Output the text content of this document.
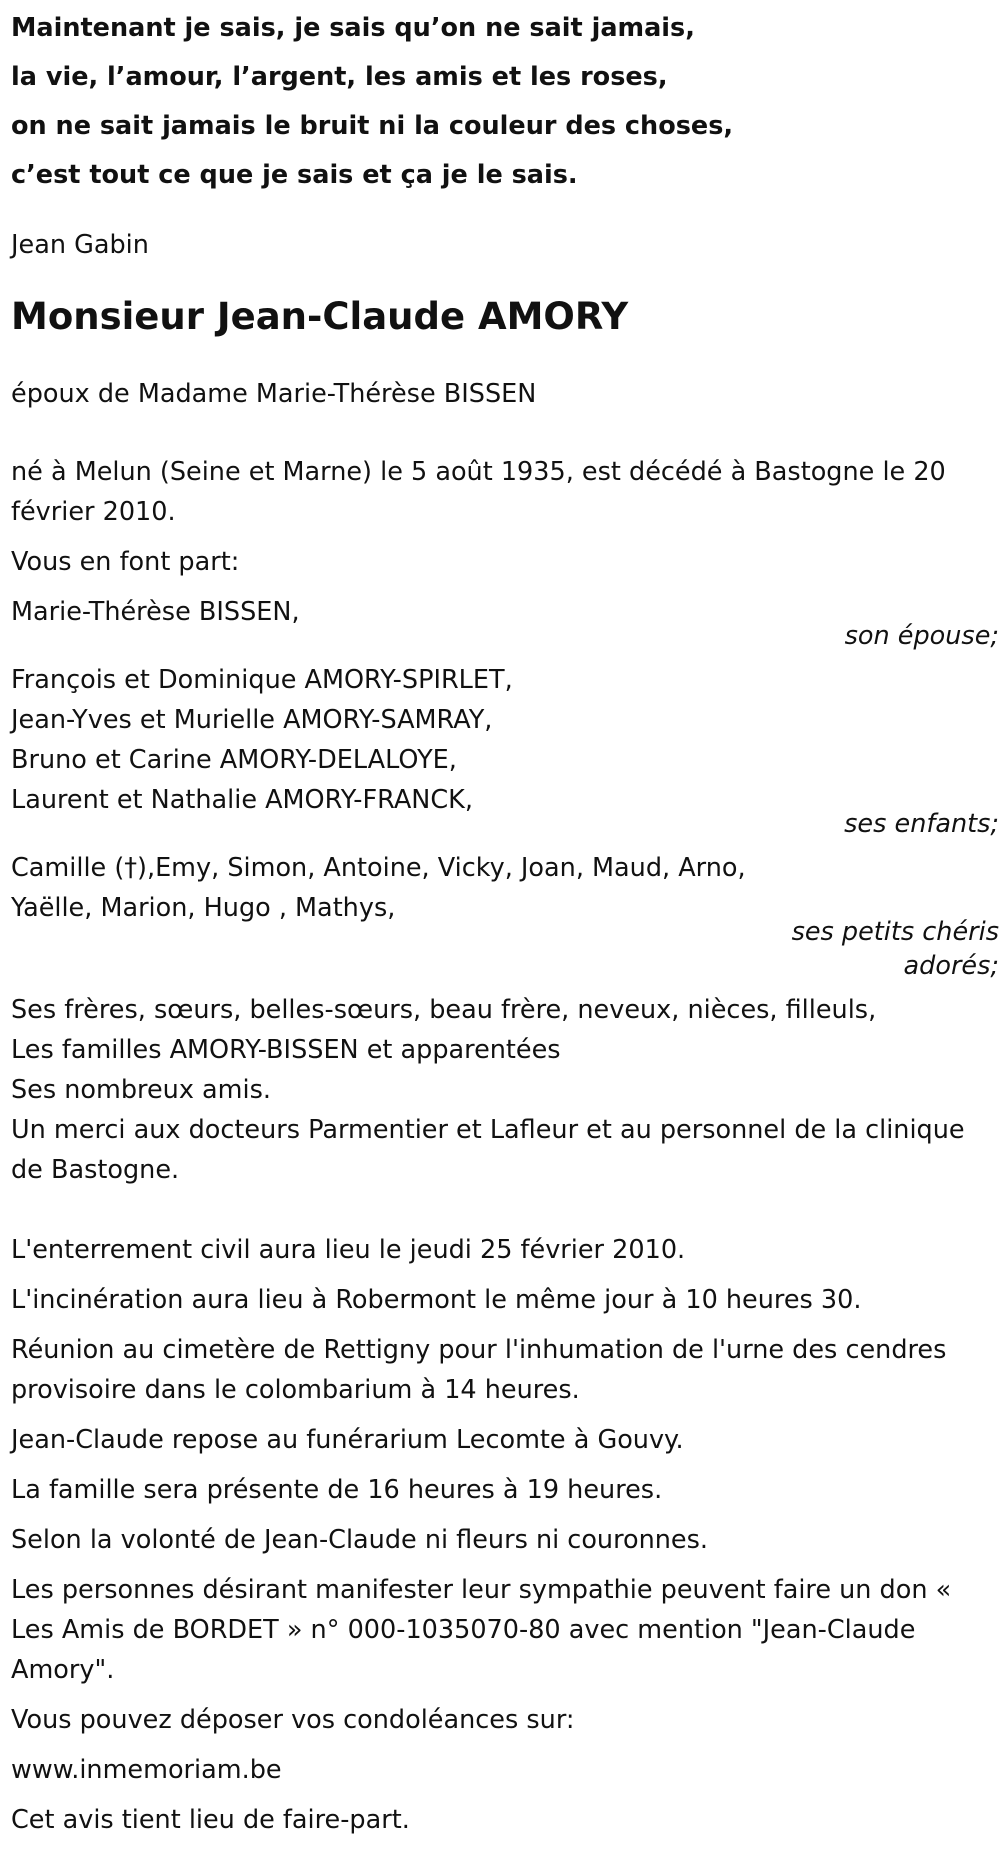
Maintenant je sais, je sais qu’on ne sait jamais,
la vie, l’amour, l’argent, les amis et les roses,
on ne sait jamais le bruit ni la couleur des choses,
c’est tout ce que je sais et ça je le sais.
Jean Gabin
Monsieur Jean-Claude AMORY
époux de Madame Marie-Thérèse BISSEN
né à Melun (Seine et Marne) le 5 août 1935, est décédé à Bastogne le 20 février 2010.
Vous en font part:
Marie-Thérèse BISSEN,
son épouse;
François et Dominique AMORY-SPIRLET,
Jean-Yves et Murielle AMORY-SAMRAY,
Bruno et Carine AMORY-DELALOYE,
Laurent et Nathalie AMORY-FRANCK,
ses enfants;
Camille (†),Emy, Simon, Antoine, Vicky, Joan, Maud, Arno,
Yaëlle, Marion, Hugo , Mathys,
ses petits chéris
adorés;
Ses frères, sœurs, belles-sœurs, beau frère, neveux, nièces, filleuls,
Les familles AMORY-BISSEN et apparentées
Ses nombreux amis.
Un merci aux docteurs Parmentier et Lafleur et au personnel de la clinique de Bastogne.
L'enterrement civil aura lieu le jeudi 25 février 2010.
L'incinération aura lieu à Robermont le même jour à 10 heures 30.
Réunion au cimetère de Rettigny pour l'inhumation de l'urne des cendres provisoire dans le colombarium à 14 heures.
Jean-Claude repose au funérarium Lecomte à Gouvy.
La famille sera présente de 16 heures à 19 heures.
Selon la volonté de Jean-Claude ni fleurs ni couronnes.
Les personnes désirant manifester leur sympathie peuvent faire un don « Les Amis de BORDET » n° 000-1035070-80 avec mention "Jean-Claude Amory".
Vous pouvez déposer vos condoléances sur:
www.inmemoriam.be
Cet avis tient lieu de faire-part.
